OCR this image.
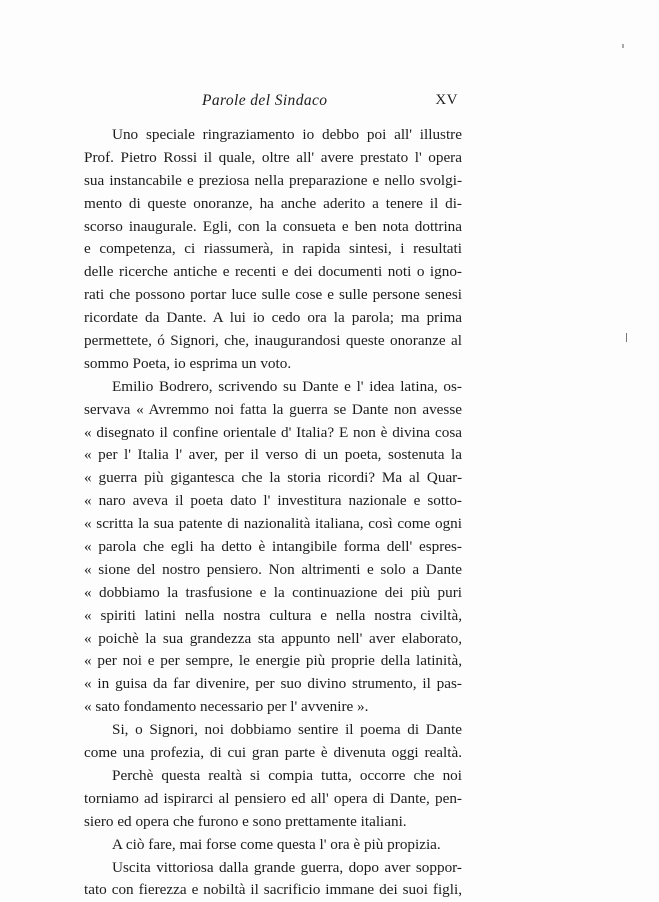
Parole del Sindaco	XV
Uno speciale ringraziamento io debbo poi all' illustre
Prof. Pietro Rossi il quale, oltre all' avere prestato l' opera
sua instancabile e preziosa nella preparazione e nello svolgi-
mento di queste onoranze, ha anche aderito a tenere il di-
scorso inaugurale. Egli, con la consueta e ben nota dottrina
e competenza, ci riassumerà, in rapida sintesi, i resultati
delle ricerche antiche e recenti e dei documenti noti o igno-
rati che possono portar luce sulle cose e sulle persone senesi
ricordate da Dante. A lui io cedo ora la parola; ma prima
permettete, ó Signori, che, inaugurandosi queste onoranze al
sommo Poeta, io esprima un voto.
Emilio Bodrero, scrivendo su Dante e l' idea latina, os-
servava « Avremmo noi fatta la guerra se Dante non avesse
« disegnato il confine orientale d' Italia? E non è divina cosa
« per l' Italia l' aver, per il verso di un poeta, sostenuta la
« guerra più gigantesca che la storia ricordi? Ma al Quar-
« naro aveva il poeta dato l' investitura nazionale e sotto-
« scritta la sua patente di nazionalità italiana, così come ogni
« parola che egli ha detto è intangibile forma dell' espres-
« sione del nostro pensiero. Non altrimenti e solo a Dante
« dobbiamo la trasfusione e la continuazione dei più puri
« spiriti latini nella nostra cultura e nella nostra civiltà,
« poichè la sua grandezza sta appunto nell' aver elaborato,
« per noi e per sempre, le energie più proprie della latinità,
« in guisa da far divenire, per suo divino strumento, il pas-
« sato fondamento necessario per l' avvenire ».
Si, o Signori, noi dobbiamo sentire il poema di Dante
come una profezia, di cui gran parte è divenuta oggi realtà.
Perchè questa realtà si compia tutta, occorre che noi
torniamo ad ispirarci al pensiero ed all' opera di Dante, pen-
siero ed opera che furono e sono prettamente italiani.
A ciò fare, mai forse come questa l' ora è più propizia.
Uscita vittoriosa dalla grande guerra, dopo aver soppor-
tato con fierezza e nobiltà il sacrificio immane dei suoi figli,
